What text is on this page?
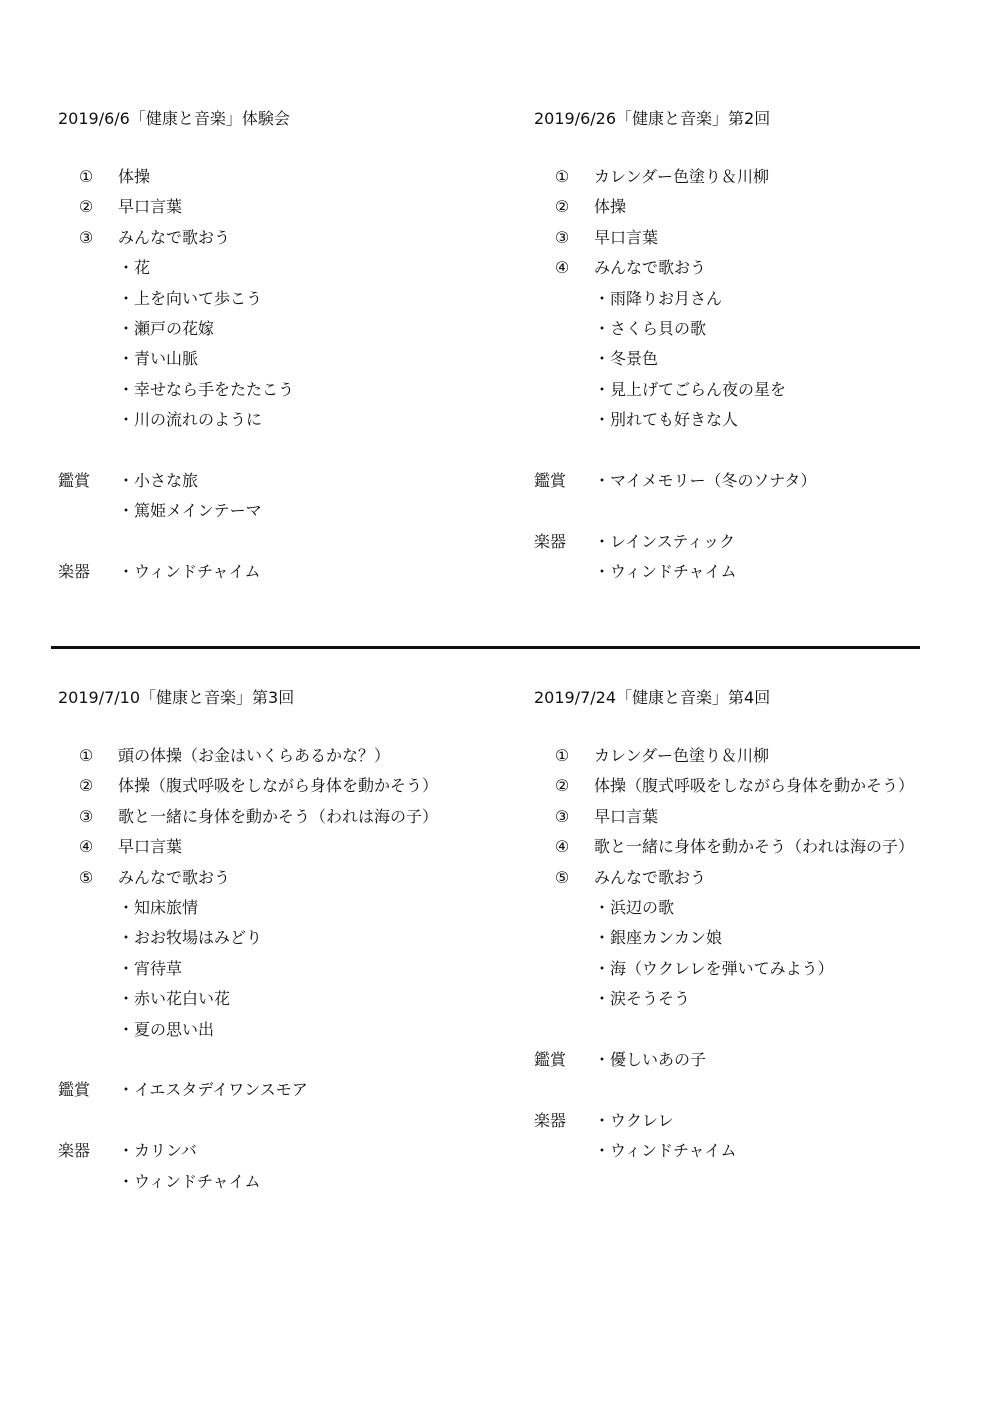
2019/6/6「健康と音楽」体験会
①	体操
②	早口言葉
③	みんなで歌おう
・花
・上を向いて歩こう
・瀬戸の花嫁
・青い山脈
・幸せなら手をたたこう
・川の流れのように
鑑賞 ・小さな旅
・篤姫メインテーマ
楽器 ・ウィンドチャイム
2019/6/26「健康と音楽」第2回
①	カレンダー色塗り＆川柳
②	体操
③	早口言葉
④	みんなで歌おう
・雨降りお月さん
・さくら貝の歌
・冬景色
・見上げてごらん夜の星を
・別れても好きな人
鑑賞 ・マイメモリー（冬のソナタ）
楽器 ・レインスティック
・ウィンドチャイム
2019/7/10「健康と音楽」第3回
①	頭の体操（お金はいくらあるかな？）
②	体操（腹式呼吸をしながら身体を動かそう）
③	歌と一緒に身体を動かそう（われは海の子）
④	早口言葉
⑤	みんなで歌おう
・知床旅情
・おお牧場はみどり
・宵待草
・赤い花白い花
・夏の思い出
鑑賞 ・イエスタデイワンスモア
楽器 ・カリンバ
・ウィンドチャイム
2019/7/24「健康と音楽」第4回
①	カレンダー色塗り＆川柳
②	体操（腹式呼吸をしながら身体を動かそう）
③	早口言葉
④	歌と一緒に身体を動かそう（われは海の子）
⑤	みんなで歌おう
・浜辺の歌
・銀座カンカン娘
・海（ウクレレを弾いてみよう）
・涙そうそう
鑑賞 ・優しいあの子
楽器 ・ウクレレ
・ウィンドチャイム
